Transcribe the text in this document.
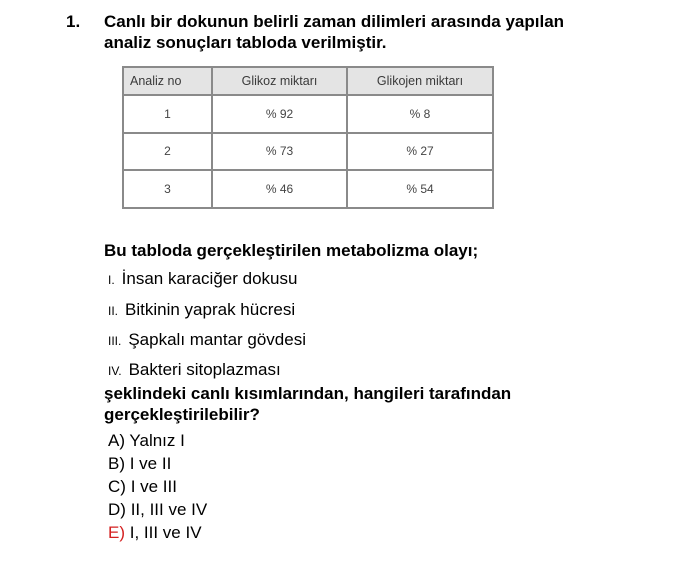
1. Canlı bir dokunun belirli zaman dilimleri arasında yapılan
analiz sonuçları tabloda verilmiştir.
Analiz no	Glikoz miktarı	Glikojen miktarı
1	% 92	% 8
2	% 73	% 27
3	% 46	% 54
Bu tabloda gerçekleştirilen metabolizma olayı;
I. İnsan karaciğer dokusu
II. Bitkinin yaprak hücresi
III. Şapkalı mantar gövdesi
IV. Bakteri sitoplazması
şeklindeki canlı kısımlarından, hangileri tarafından
gerçekleştirilebilir?
A) Yalnız I
B) I ve II
C) I ve III
D) II, III ve IV
E) I, III ve IV
